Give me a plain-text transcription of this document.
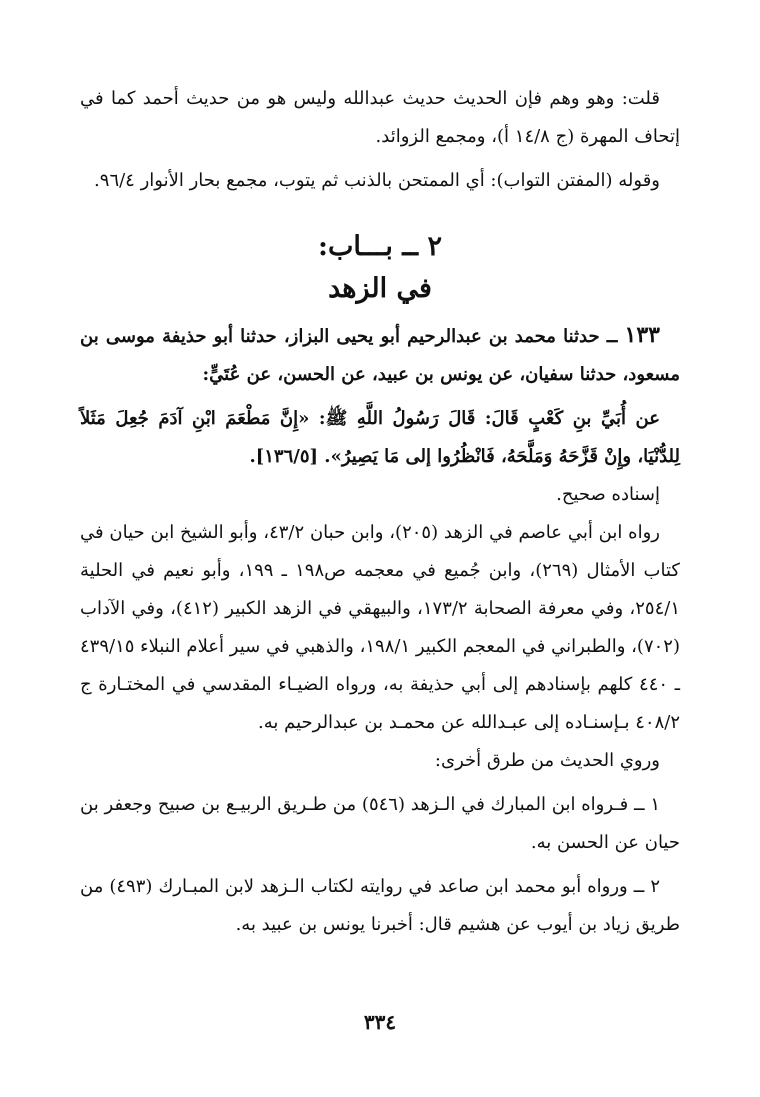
قلت: وهو وهم فإن الحديث حديث عبدالله وليس هو من حديث أحمد كما في إتحاف المهرة (ج ١٤/٨ أ)، ومجمع الزوائد.

وقوله (المفتن التواب): أي الممتحن بالذنب ثم يتوب، مجمع بحار الأنوار ٩٦/٤.

٢ ــ بـــاب:

في الزهد

١٣٣ ــ حدثنا محمد بن عبدالرحيم أبو يحيى البزاز، حدثنا أبو حذيفة موسى بن مسعود، حدثنا سفيان، عن يونس بن عبيد، عن الحسن، عن عُتَيٍّ:

عن أُبَيِّ بنِ كَعْبٍ قَالَ: قَالَ رَسُولُ اللَّهِ ﷺ: «إِنَّ مَطْعَمَ ابْنِ آدَمَ جُعِلَ مَثَلاً لِلدُّنْيَا، وإِنْ قَزَّحَهُ وَمَلَّحَهُ، فَانْظُرُوا إلى مَا يَصِيرُ». [١٣٦/٥].

إسناده صحيح.

رواه ابن أبي عاصم في الزهد (٢٠٥)، وابن حبان ٤٣/٢، وأبو الشيخ ابن حيان في كتاب الأمثال (٢٦٩)، وابن جُميع في معجمه ص١٩٨ ـ ١٩٩، وأبو نعيم في الحلية ٢٥٤/١، وفي معرفة الصحابة ١٧٣/٢، والبيهقي في الزهد الكبير (٤١٢)، وفي الآداب (٧٠٢)، والطبراني في المعجم الكبير ١٩٨/١، والذهبي في سير أعلام النبلاء ٤٣٩/١٥ ـ ٤٤٠ كلهم بإسنادهم إلى أبي حذيفة به، ورواه الضيـاء المقدسي في المختـارة ج ٤٠٨/٢ بـإسنـاده إلى عبـدالله عن محمـد بن عبدالرحيم به.

وروي الحديث من طرق أخرى:

١ ــ فـرواه ابن المبارك في الـزهد (٥٤٦) من طـريق الربيـع بن صبيح وجعفر بن حيان عن الحسن به.

٢ ــ ورواه أبو محمد ابن صاعد في روايته لكتاب الـزهد لابن المبـارك (٤٩٣) من طريق زياد بن أيوب عن هشيم قال: أخبرنا يونس بن عبيد به.

٣٣٤
